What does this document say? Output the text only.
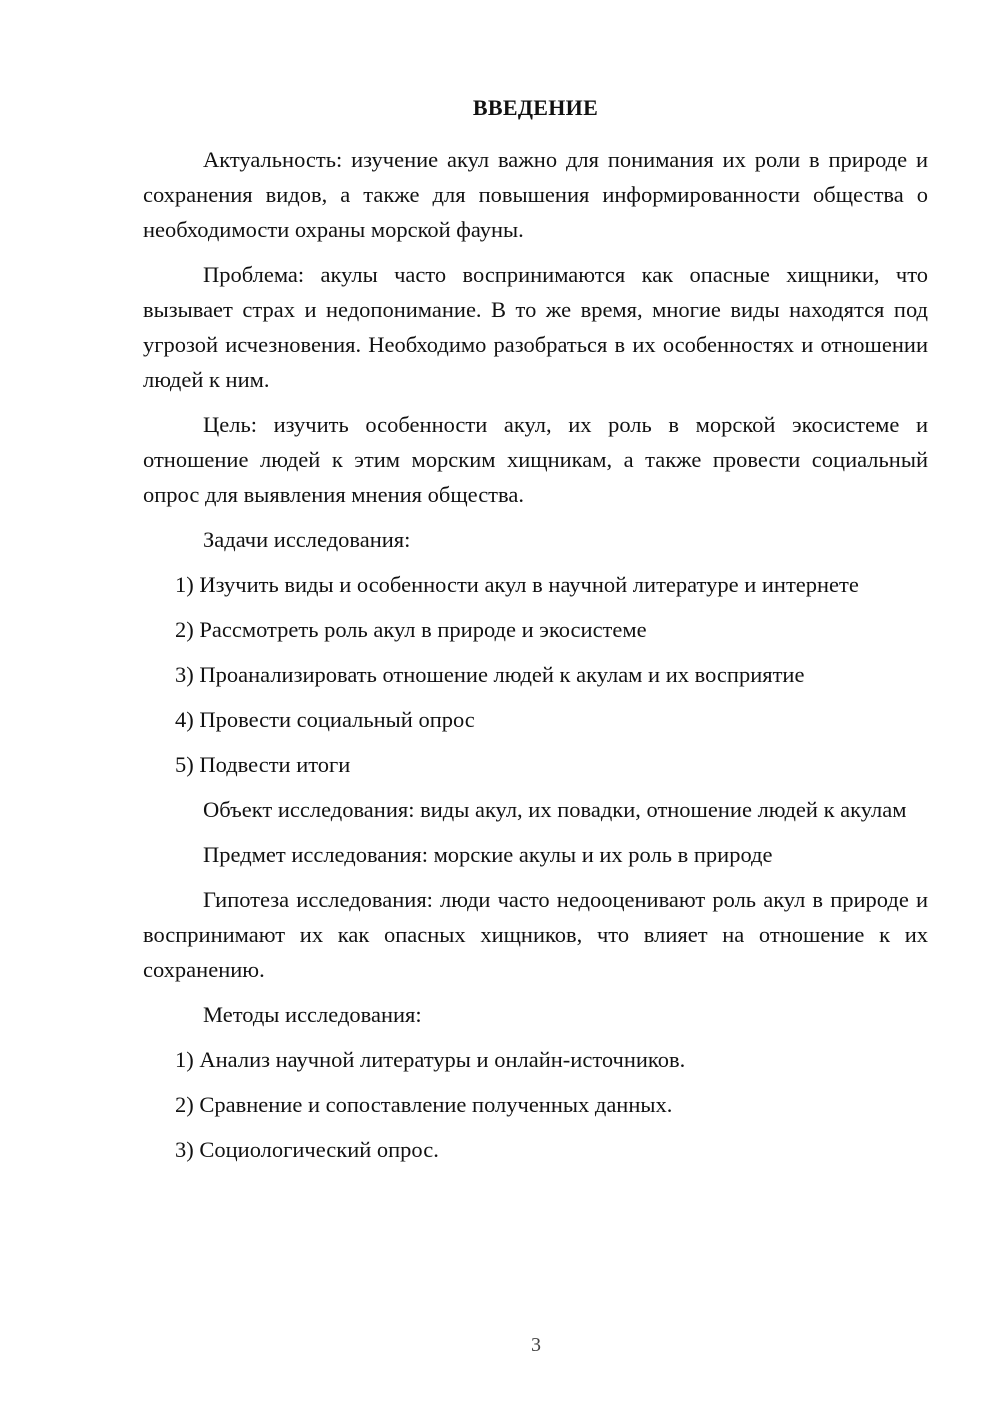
ВВЕДЕНИЕ

Актуальность: изучение акул важно для понимания их роли в природе и сохранения видов, а также для повышения информированности общества о необходимости охраны морской фауны.

Проблема: акулы часто воспринимаются как опасные хищники, что вызывает страх и недопонимание. В то же время, многие виды находятся под угрозой исчезновения. Необходимо разобраться в их особенностях и отношении людей к ним.

Цель: изучить особенности акул, их роль в морской экосистеме и отношение людей к этим морским хищникам, а также провести социальный опрос для выявления мнения общества.

Задачи исследования:

1) Изучить виды и особенности акул в научной литературе и интернете
2) Рассмотреть роль акул в природе и экосистеме
3) Проанализировать отношение людей к акулам и их восприятие
4) Провести социальный опрос
5) Подвести итоги

Объект исследования: виды акул, их повадки, отношение людей к акулам

Предмет исследования: морские акулы и их роль в природе

Гипотеза исследования: люди часто недооценивают роль акул в природе и воспринимают их как опасных хищников, что влияет на отношение к их сохранению.

Методы исследования:

1) Анализ научной литературы и онлайн-источников.
2) Сравнение и сопоставление полученных данных.
3) Социологический опрос.
3
